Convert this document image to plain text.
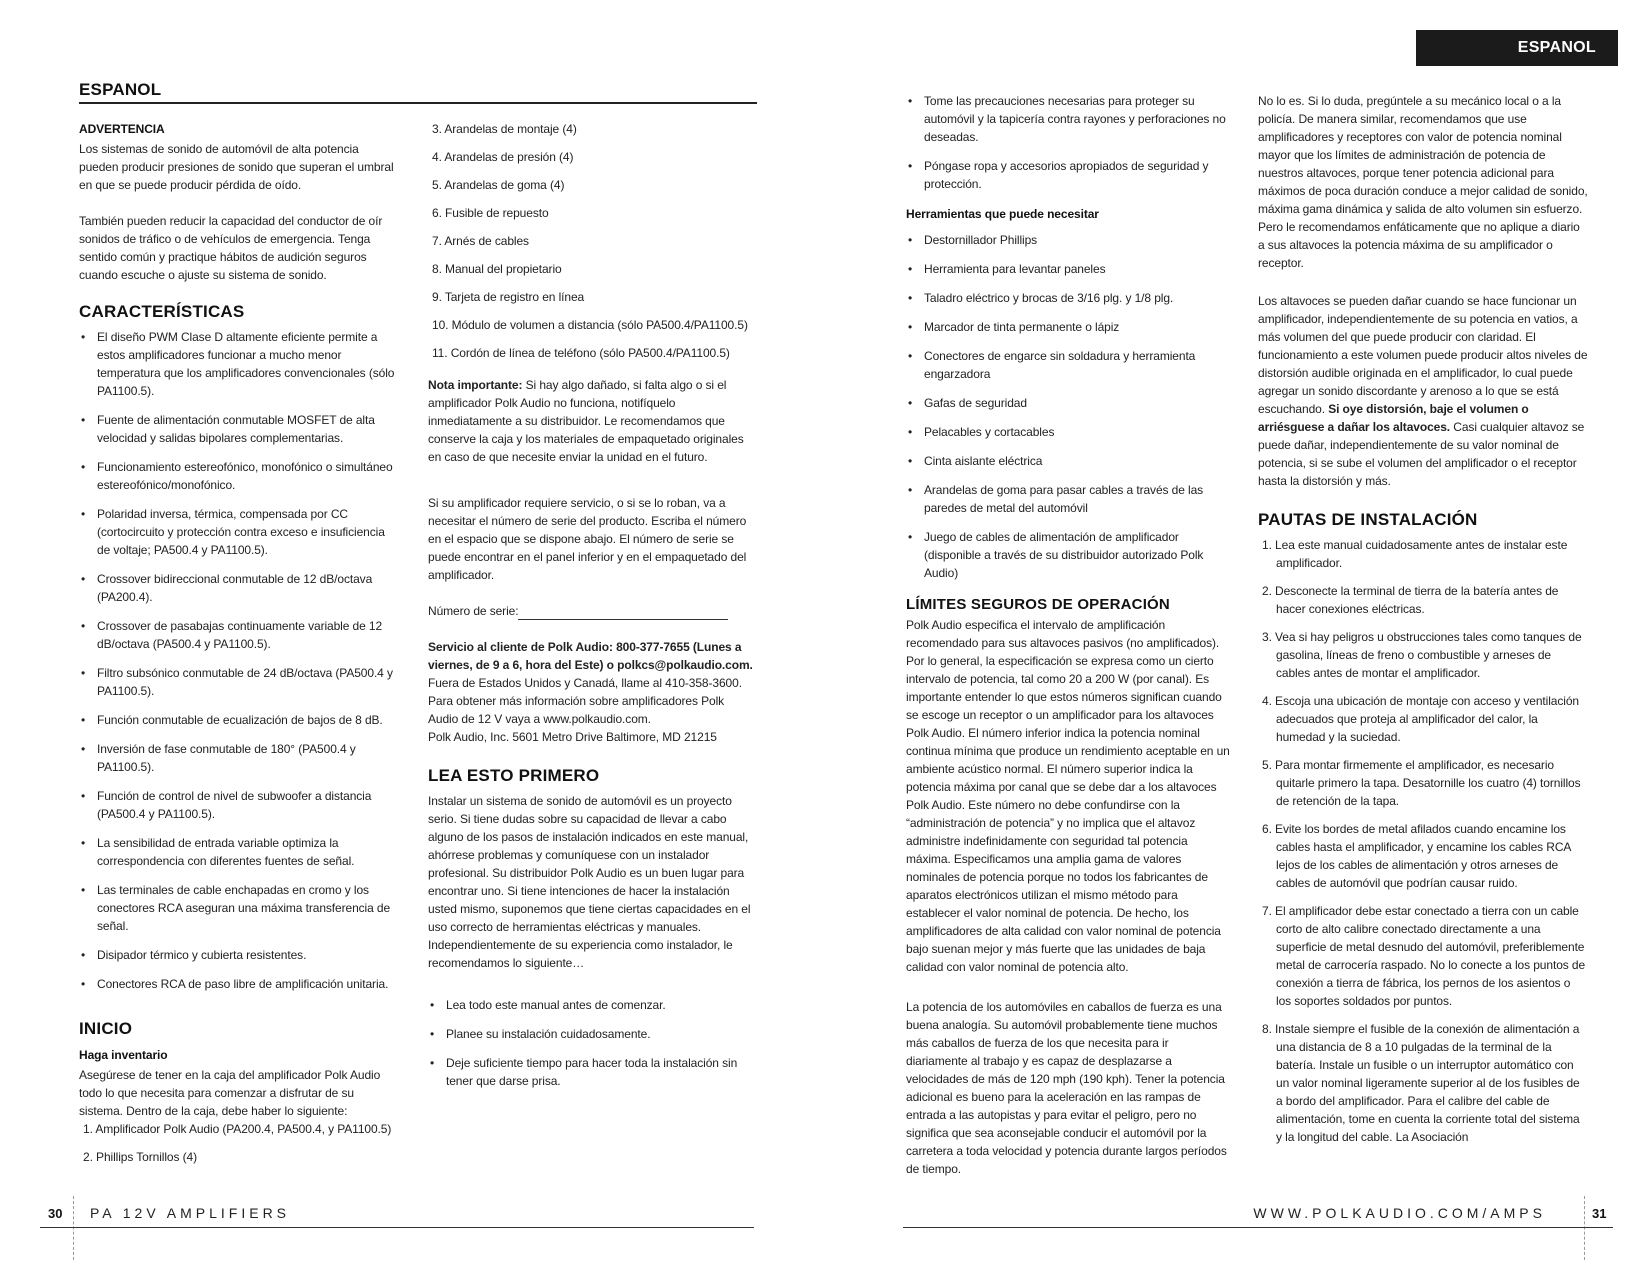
ESPANOL
ESPANOL
ADVERTENCIA

Los sistemas de sonido de automóvil de alta potencia pueden producir presiones de sonido que superan el umbral en que se puede producir pérdida de oído.

También pueden reducir la capacidad del conductor de oír sonidos de tráfico o de vehículos de emergencia. Tenga sentido común y practique hábitos de audición seguros cuando escuche o ajuste su sistema de sonido.

CARACTERÍSTICAS
• El diseño PWM Clase D altamente eficiente permite a estos amplificadores funcionar a mucho menor temperatura que los amplificadores convencionales (sólo PA1100.5).
• Fuente de alimentación conmutable MOSFET de alta velocidad y salidas bipolares complementarias.
• Funcionamiento estereofónico, monofónico o simultáneo estereofónico/monofónico.
• Polaridad inversa, térmica, compensada por CC (cortocircuito y protección contra exceso e insuficiencia de voltaje; PA500.4 y PA1100.5).
• Crossover bidireccional conmutable de 12 dB/octava (PA200.4).
• Crossover de pasabajas continuamente variable de 12 dB/octava (PA500.4 y PA1100.5).
• Filtro subsónico conmutable de 24 dB/octava (PA500.4 y PA1100.5).
• Función conmutable de ecualización de bajos de 8 dB.
• Inversión de fase conmutable de 180° (PA500.4 y PA1100.5).
• Función de control de nivel de subwoofer a distancia (PA500.4 y PA1100.5).
• La sensibilidad de entrada variable optimiza la correspondencia con diferentes fuentes de señal.
• Las terminales de cable enchapadas en cromo y los conectores RCA aseguran una máxima transferencia de señal.
• Disipador térmico y cubierta resistentes.
• Conectores RCA de paso libre de amplificación unitaria.
INICIO
Haga inventario
Asegúrese de tener en la caja del amplificador Polk Audio todo lo que necesita para comenzar a disfrutar de su sistema. Dentro de la caja, debe haber lo siguiente:
1. Amplificador Polk Audio (PA200.4, PA500.4, y PA1100.5)
2. Phillips Tornillos (4)
3. Arandelas de montaje (4)
4. Arandelas de presión (4)
5. Arandelas de goma (4)
6. Fusible de repuesto
7. Arnés de cables
8. Manual del propietario
9. Tarjeta de registro en línea
10. Módulo de volumen a distancia (sólo PA500.4/PA1100.5)
11. Cordón de línea de teléfono (sólo PA500.4/PA1100.5)

Nota importante: Si hay algo dañado, si falta algo o si el amplificador Polk Audio no funciona, notifíquelo inmediatamente a su distribuidor. Le recomendamos que conserve la caja y los materiales de empaquetado originales en caso de que necesite enviar la unidad en el futuro.

Si su amplificador requiere servicio, o si se lo roban, va a necesitar el número de serie del producto. Escriba el número en el espacio que se dispone abajo. El número de serie se puede encontrar en el panel inferior y en el empaquetado del amplificador.

Número de serie:

Servicio al cliente de Polk Audio: 800-377-7655 (Lunes a viernes, de 9 a 6, hora del Este) o polkcs@polkaudio.com. Fuera de Estados Unidos y Canadá, llame al 410-358-3600. Para obtener más información sobre amplificadores Polk Audio de 12 V vaya a www.polkaudio.com.
Polk Audio, Inc. 5601 Metro Drive Baltimore, MD 21215
LEA ESTO PRIMERO

Instalar un sistema de sonido de automóvil es un proyecto serio. Si tiene dudas sobre su capacidad de llevar a cabo alguno de los pasos de instalación indicados en este manual, ahórrese problemas y comuníquese con un instalador profesional. Su distribuidor Polk Audio es un buen lugar para encontrar uno. Si tiene intenciones de hacer la instalación usted mismo, suponemos que tiene ciertas capacidades en el uso correcto de herramientas eléctricas y manuales. Independientemente de su experiencia como instalador, le recomendamos lo siguiente…

• Lea todo este manual antes de comenzar.
• Planee su instalación cuidadosamente.
• Deje suficiente tiempo para hacer toda la instalación sin tener que darse prisa.
• Tome las precauciones necesarias para proteger su automóvil y la tapicería contra rayones y perforaciones no deseadas.
• Póngase ropa y accesorios apropiados de seguridad y protección.
Herramientas que puede necesitar
• Destornillador Phillips
• Herramienta para levantar paneles
• Taladro eléctrico y brocas de 3/16 plg. y 1/8 plg.
• Marcador de tinta permanente o lápiz
• Conectores de engarce sin soldadura y herramienta engarzadora
• Gafas de seguridad
• Pelacables y cortacables
• Cinta aislante eléctrica
• Arandelas de goma para pasar cables a través de las paredes de metal del automóvil
• Juego de cables de alimentación de amplificador (disponible a través de su distribuidor autorizado Polk Audio)
LÍMITES SEGUROS DE OPERACIÓN

Polk Audio especifica el intervalo de amplificación recomendado para sus altavoces pasivos (no amplificados). Por lo general, la especificación se expresa como un cierto intervalo de potencia, tal como 20 a 200 W (por canal). Es importante entender lo que estos números significan cuando se escoge un receptor o un amplificador para los altavoces Polk Audio. El número inferior indica la potencia nominal continua mínima que produce un rendimiento aceptable en un ambiente acústico normal. El número superior indica la potencia máxima por canal que se debe dar a los altavoces Polk Audio. Este número no debe confundirse con la “administración de potencia” y no implica que el altavoz administre indefinidamente con seguridad tal potencia máxima. Especificamos una amplia gama de valores nominales de potencia porque no todos los fabricantes de aparatos electrónicos utilizan el mismo método para establecer el valor nominal de potencia. De hecho, los amplificadores de alta calidad con valor nominal de potencia bajo suenan mejor y más fuerte que las unidades de baja calidad con valor nominal de potencia alto.

La potencia de los automóviles en caballos de fuerza es una buena analogía. Su automóvil probablemente tiene muchos más caballos de fuerza de los que necesita para ir diariamente al trabajo y es capaz de desplazarse a velocidades de más de 120 mph (190 kph). Tener la potencia adicional es bueno para la aceleración en las rampas de entrada a las autopistas y para evitar el peligro, pero no significa que sea aconsejable conducir el automóvil por la carretera a toda velocidad y potencia durante largos períodos de tiempo.

No lo es. Si lo duda, pregúntele a su mecánico local o a la policía. De manera similar, recomendamos que use amplificadores y receptores con valor de potencia nominal mayor que los límites de administración de potencia de nuestros altavoces, porque tener potencia adicional para máximos de poca duración conduce a mejor calidad de sonido, máxima gama dinámica y salida de alto volumen sin esfuerzo. Pero le recomendamos enfáticamente que no aplique a diario a sus altavoces la potencia máxima de su amplificador o receptor.

Los altavoces se pueden dañar cuando se hace funcionar un amplificador, independientemente de su potencia en vatios, a más volumen del que puede producir con claridad. El funcionamiento a este volumen puede producir altos niveles de distorsión audible originada en el amplificador, lo cual puede agregar un sonido discordante y arenoso a lo que se está escuchando. Si oye distorsión, baje el volumen o arriésguese a dañar los altavoces. Casi cualquier altavoz se puede dañar, independientemente de su valor nominal de potencia, si se sube el volumen del amplificador o el receptor hasta la distorsión y más.

PAUTAS DE INSTALACIÓN
1. Lea este manual cuidadosamente antes de instalar este amplificador.
2. Desconecte la terminal de tierra de la batería antes de hacer conexiones eléctricas.
3. Vea si hay peligros u obstrucciones tales como tanques de gasolina, líneas de freno o combustible y arneses de cables antes de montar el amplificador.
4. Escoja una ubicación de montaje con acceso y ventilación adecuados que proteja al amplificador del calor, la humedad y la suciedad.
5. Para montar firmemente el amplificador, es necesario quitarle primero la tapa. Desatornille los cuatro (4) tornillos de retención de la tapa.
6. Evite los bordes de metal afilados cuando encamine los cables hasta el amplificador, y encamine los cables RCA lejos de los cables de alimentación y otros arneses de cables de automóvil que podrían causar ruido.
7. El amplificador debe estar conectado a tierra con un cable corto de alto calibre conectado directamente a una superficie de metal desnudo del automóvil, preferiblemente metal de carrocería raspado. No lo conecte a los puntos de conexión a tierra de fábrica, los pernos de los asientos o los soportes soldados por puntos.
8. Instale siempre el fusible de la conexión de alimentación a una distancia de 8 a 10 pulgadas de la terminal de la batería. Instale un fusible o un interruptor automático con un valor nominal ligeramente superior al de los fusibles de a bordo del amplificador. Para el calibre del cable de alimentación, tome en cuenta la corriente total del sistema y la longitud del cable. La Asociación
30 PA 12V AMPLIFIERS	WWW.POLKAUDIO.COM/AMPS	31
